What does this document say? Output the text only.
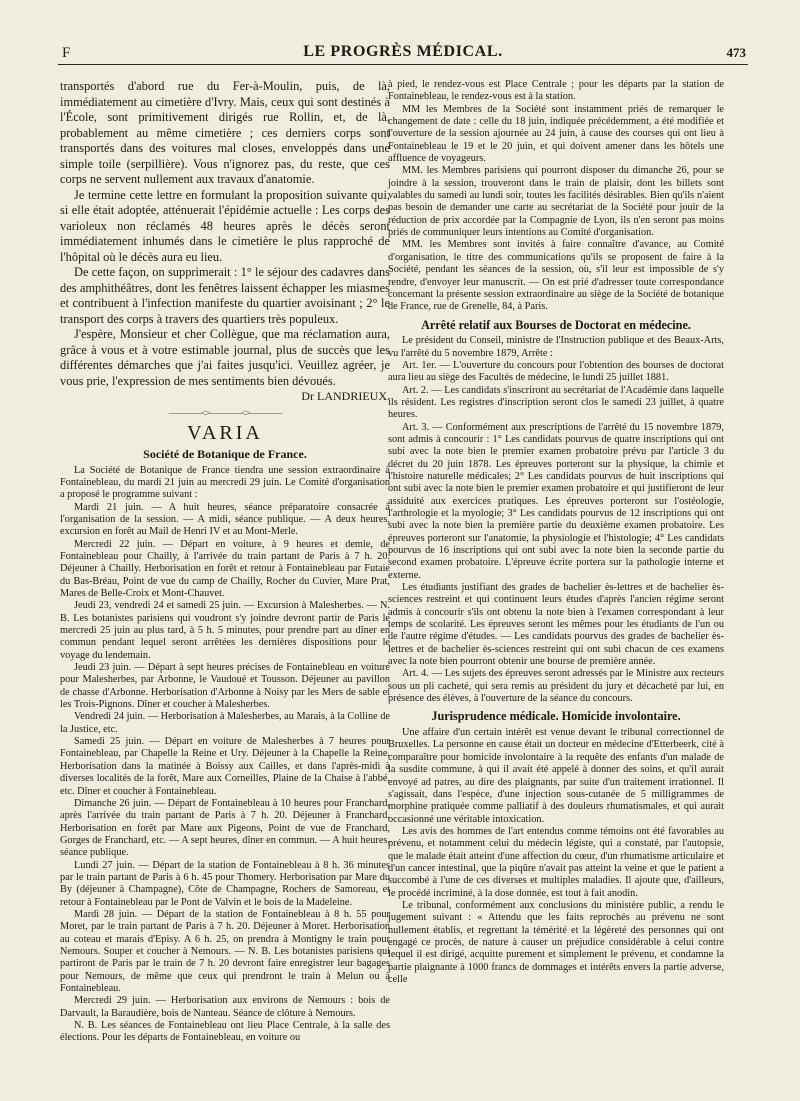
F	LE PROGRÈS MÉDICAL.	473

transportés d'abord rue du Fer-à-Moulin, puis, de là, immédiatement au cimetière d'Ivry. Mais, ceux qui sont destinés à l'École, sont primitivement dirigés rue Rollin, et, de là, probablement au même cimetière ; ces derniers corps sont transportés dans des voitures mal closes, enveloppés dans une simple toile (serpillière). Vous n'ignorez pas, du reste, que ces corps ne servent nullement aux travaux d'anatomie.

Je termine cette lettre en formulant la proposition suivante qui, si elle était adoptée, atténuerait l'épidémie actuelle : Les corps des varioleux non réclamés 48 heures après le décès seront immédiatement inhumés dans le cimetière le plus rapproché de l'hôpital où le décès aura eu lieu.

De cette façon, on supprimerait : 1° le séjour des cadavres dans des amphithéâtres, dont les fenêtres laissent échapper les miasmes et contribuent à l'infection manifeste du quartier avoisinant ; 2° le transport des corps à travers des quartiers très populeux.

J'espère, Monsieur et cher Collègue, que ma réclamation aura, grâce à vous et à votre estimable journal, plus de succès que les différentes démarches que j'ai faites jusqu'ici. Veuillez agréer, je vous prie, l'expression de mes sentiments bien dévoués.

Dr LANDRIEUX.

————<>————<>————
VARIA
Société de Botanique de France.

La Société de Botanique de France tiendra une session extraordinaire à Fontainebleau, du mardi 21 juin au mercredi 29 juin. Le Comité d'organisation a proposé le programme suivant :

Mardi 21 juin. — A huit heures, séance préparatoire consacrée à l'organisation de la session. — A midi, séance publique. — A deux heures, excursion en forêt au Mail de Henri IV et au Mont-Merle.

Mercredi 22 juin. — Départ en voiture, à 9 heures et demie, de Fontainebleau pour Chailly, à l'arrivée du train partant de Paris à 7 h. 20. Déjeuner à Chailly. Herborisation en forêt et retour à Fontainebleau par Futaie du Bas-Bréau, Point de vue du camp de Chailly, Rocher du Cuvier, Mare Prat, Mares de Belle-Croix et Mont-Chauvet.

Jeudi 23, vendredi 24 et samedi 25 juin. — Excursion à Malesherbes. — N. B. Les botanistes parisiens qui voudront s'y joindre devront partir de Paris le mercredi 25 juin au plus tard, à 5 h. 5 minutes, pour prendre part au dîner en commun pendant lequel seront arrêtées les dernières dispositions pour le voyage du lendemain.

Jeudi 23 juin. — Départ à sept heures précises de Fontainebleau en voiture pour Malesherbes, par Arbonne, le Vaudoué et Tousson. Déjeuner au pavillon de chasse d'Arbonne. Herborisation d'Arbonne à Noisy par les Mers de sable et les Trois-Pignons. Dîner et coucher à Malesherbes.

Vendredi 24 juin. — Herborisation à Malesherbes, au Marais, à la Colline de la Justice, etc.

Samedi 25 juin. — Départ en voiture de Malesherbes à 7 heures pour Fontainebleau, par Chapelle la Reine et Ury. Déjeuner à la Chapelle la Reine. Herborisation dans la matinée à Boissy aux Cailles, et dans l'après-midi à diverses localités de la forêt, Mare aux Corneilles, Plaine de la Chaise à l'abbé, etc. Dîner et coucher à Fontainebleau.

Dimanche 26 juin. — Départ de Fontainebleau à 10 heures pour Franchard, après l'arrivée du train partant de Paris à 7 h. 20. Déjeuner à Franchard. Herborisation en forêt par Mare aux Pigeons, Point de vue de Franchard, Gorges de Franchard, etc. — A sept heures, dîner en commun. — A huit heures, séance publique.

Lundi 27 juin. — Départ de la station de Fontainebleau à 8 h. 36 minutes par le train partant de Paris à 6 h. 45 pour Thomery. Herborisation par Mare du By (déjeuner à Champagne), Côte de Champagne, Rochers de Samoreau, et retour à Fontainebleau par le Pont de Valvin et le bois de la Madeleine.

Mardi 28 juin. — Départ de la station de Fontainebleau à 8 h. 55 pour Moret, par le train partant de Paris à 7 h. 20. Déjeuner à Moret. Herborisation au coteau et marais d'Episy. A 6 h. 25, on prendra à Montigny le train pour Nemours. Souper et coucher à Nemours. — N. B. Les botanistes parisiens qui partiront de Paris par le train de 7 h. 20 devront faire enregistrer leur bagages pour Nemours, de même que ceux qui prendront le train à Melun ou à Fontainebleau.

Mercredi 29 juin. — Herborisation aux environs de Nemours : bois de Darvault, la Baraudière, bois de Nanteau. Séance de clôture à Nemours.

N. B. Les séances de Fontainebleau ont lieu Place Centrale, à la salle des élections. Pour les départs de Fontainebleau, en voiture ou

à pied, le rendez-vous est Place Centrale ; pour les départs par la station de Fontainebleau, le rendez-vous est à la station.

MM les Membres de la Société sont instamment priés de remarquer le changement de date : celle du 18 juin, indiquée précédemment, a été modifiée et l'ouverture de la session ajournée au 24 juin, à cause des courses qui ont lieu à Fontainebleau le 19 et le 20 juin, et qui doivent amener dans les hôtels une affluence de voyageurs.

MM. les Membres parisiens qui pourront disposer du dimanche 26, pour se joindre à la session, trouveront dans le train de plaisir, dont les billets sont valables du samedi au lundi soir, toutes les facilités désirables. Bien qu'ils n'aient pas besoin de demander une carte au secrétariat de la Société pour jouir de la réduction de prix accordée par la Compagnie de Lyon, ils n'en seront pas moins priés de communiquer leurs intentions au Comité d'organisation.

MM. les Membres sont invités à faire connaître d'avance, au Comité d'organisation, le titre des communications qu'ils se proposent de faire à la Société, pendant les séances de la session, où, s'il leur est impossible de s'y rendre, d'envoyer leur manuscrit. — On est prié d'adresser toute correspondance concernant la présente session extraordinaire au siège de la Société de botanique de France, rue de Grenelle, 84, à Paris.

Arrêté relatif aux Bourses de Doctorat en médecine.

Le président du Conseil, ministre de l'Instruction publique et des Beaux-Arts, vu l'arrêté du 5 novembre 1879, Arrête :

Art. 1er. — L'ouverture du concours pour l'obtention des bourses de doctorat aura lieu au siège des Facultés de médecine, le lundi 25 juillet 1881.

Art. 2. — Les candidats s'inscriront au secrétariat de l'Académie dans laquelle ils résident. Les registres d'inscription seront clos le samedi 23 juillet, à quatre heures.

Art. 3. — Conformément aux prescriptions de l'arrêté du 15 novembre 1879, sont admis à concourir : 1° Les candidats pourvus de quatre inscriptions qui ont subi avec la note bien le premier examen probatoire prévu par l'article 3 du décret du 20 juin 1878. Les épreuves porteront sur la physique, la chimie et l'histoire naturelle médicales; 2° Les candidats pourvus de huit inscriptions qui ont subi avec la note bien le premier examen probatoire et qui justifieront de leur assiduité aux exercices pratiques. Les épreuves porteront sur l'ostéologie, l'arthrologie et la myologie; 3° Les candidats pourvus de 12 inscriptions qui ont subi avec la note bien la première partie du deuxième examen probatoire. Les épreuves porteront sur l'anatomie, la physiologie et l'histologie; 4° Les candidats pourvus de 16 inscriptions qui ont subi avec la note bien la seconde partie du second examen probatoire. L'épreuve écrite portera sur la pathologie interne et externe.

Les étudiants justifiant des grades de bachelier ès-lettres et de bachelier ès-sciences restreint et qui continuent leurs études d'après l'ancien régime seront admis à concourir s'ils ont obtenu la note bien à l'examen correspondant à leur temps de scolarité. Les épreuves seront les mêmes pour les étudiants de l'un ou de l'autre régime d'études. — Les candidats pourvus des grades de bachelier ès-lettres et de bachelier ès-sciences restreint qui ont subi chacun de ces examens avec la note bien pourront obtenir une bourse de première année.

Art. 4. — Les sujets des épreuves seront adressés par le Ministre aux recteurs sous un pli cacheté, qui sera remis au président du jury et décacheté par lui, en présence des élèves, à l'ouverture de la séance du concours.

Jurisprudence médicale. Homicide involontaire.

Une affaire d'un certain intérêt est venue devant le tribunal correctionnel de Bruxelles. La personne en cause était un docteur en médecine d'Etterbeerk, cité à comparaître pour homicide involontaire à la requête des enfants d'un malade de la susdite commune, à qui il avait été appelé à donner des soins, et qu'il aurait envoyé ad patres, au dire des plaignants, par suite d'un traitement irrationnel. Il s'agissait, dans l'espèce, d'une injection sous-cutanée de 5 milligrammes de morphine pratiquée comme palliatif à des douleurs rhumatismales, et qui aurait occasionné une véritable intoxication.

Les avis des hommes de l'art entendus comme témoins ont été favorables au prévenu, et notamment celui du médecin légiste, qui a constaté, par l'autopsie, que le malade était atteint d'une affection du cœur, d'un rhumatisme articulaire et d'un cancer intestinal, que la piqûre n'avait pas atteint la veine et que le patient a succombé à l'une de ces diverses et multiples maladies. Il ajoute que, d'ailleurs, le procédé incriminé, à la dose donnée, est tout à fait anodin.

Le tribunal, conformément aux conclusions du ministère public, a rendu le jugement suivant : « Attendu que les faits reprochés au prévenu ne sont nullement établis, et regrettant la témérité et la légèreté des personnes qui ont engagé ce procès, de nature à causer un préjudice considérable à celui contre lequel il est dirigé, acquitte purement et simplement le prévenu, et condamne la partie plaignante à 1000 francs de dommages et intérêts envers la partie adverse, celle
